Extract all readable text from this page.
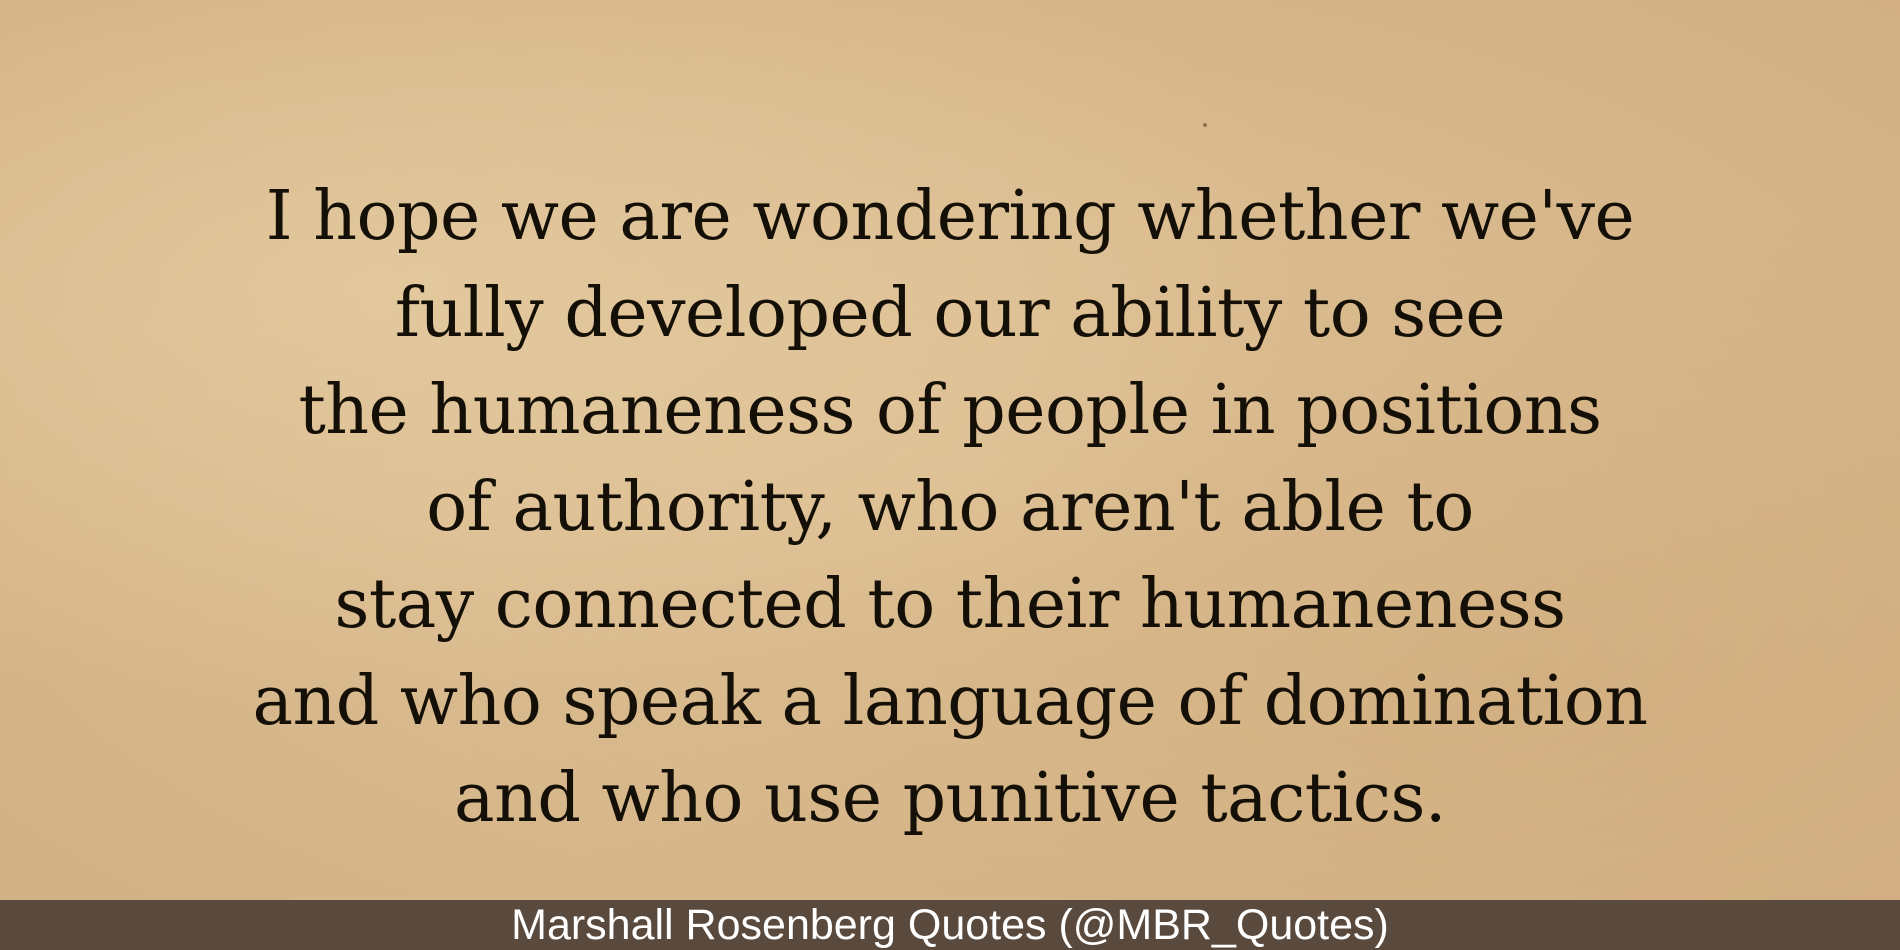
I hope we are wondering whether we've
fully developed our ability to see
the humaneness of people in positions
of authority, who aren't able to
stay connected to their humaneness
and who speak a language of domination
and who use punitive tactics.

Marshall Rosenberg Quotes (@MBR_Quotes)
